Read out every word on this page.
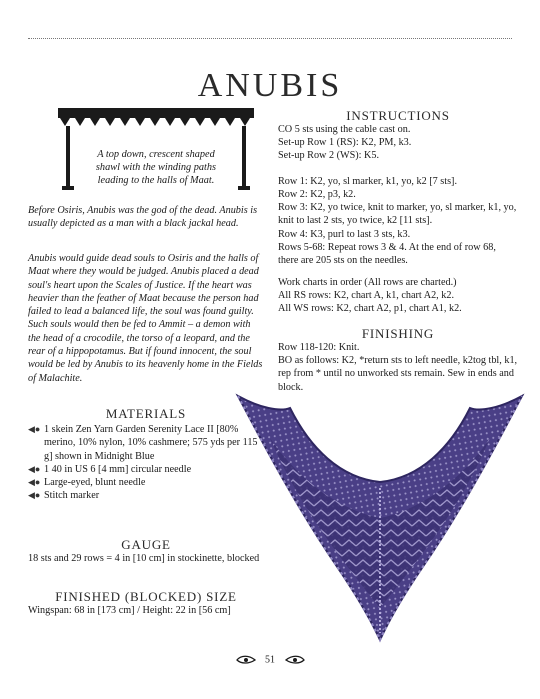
ANUBIS

A top down, crescent shaped shawl with the winding paths leading to the halls of Maat.

Before Osiris, Anubis was the god of the dead. Anubis is usually depicted as a man with a black jackal head.

Anubis would guide dead souls to Osiris and the halls of Maat where they would be judged. Anubis placed a dead soul's heart upon the Scales of Justice. If the heart was heavier than the feather of Maat because the person had failed to lead a balanced life, the soul was found guilty. Such souls would then be fed to Ammit – a demon with the head of a crocodile, the torso of a leopard, and the rear of a hippopotamus. But if found innocent, the soul would be led by Anubis to its heavenly home in the Fields of Malachite.

MATERIALS
◀● 1 skein Zen Yarn Garden Serenity Lace II [80% merino, 10% nylon, 10% cashmere; 575 yds per 115 g] shown in Midnight Blue
◀● 1 40 in US 6 [4 mm] circular needle
◀● Large-eyed, blunt needle
◀● Stitch marker
GAUGE

18 sts and 29 rows = 4 in [10 cm] in stockinette, blocked

FINISHED (BLOCKED) SIZE

Wingspan: 68 in [173 cm] / Height: 22 in [56 cm]

INSTRUCTIONS

CO 5 sts using the cable cast on.

Set-up Row 1 (RS): K2, PM, k3.

Set-up Row 2 (WS): K5.

Row 1: K2, yo, sl marker, k1, yo, k2 [7 sts].

Row 2: K2, p3, k2.

Row 3: K2, yo twice, knit to marker, yo, sl marker, k1, yo, knit to last 2 sts, yo twice, k2 [11 sts].

Row 4: K3, purl to last 3 sts, k3.

Rows 5-68: Repeat rows 3 & 4. At the end of row 68, there are 205 sts on the needles.

Work charts in order (All rows are charted.)

All RS rows: K2, chart A, k1, chart A2, k2.

All WS rows: K2, chart A2, p1, chart A1, k2.

FINISHING

Row 118-120: Knit.

BO as follows: K2, *return sts to left needle, k2tog tbl, k1, rep from * until no unworked sts remain. Sew in ends and block.

51
